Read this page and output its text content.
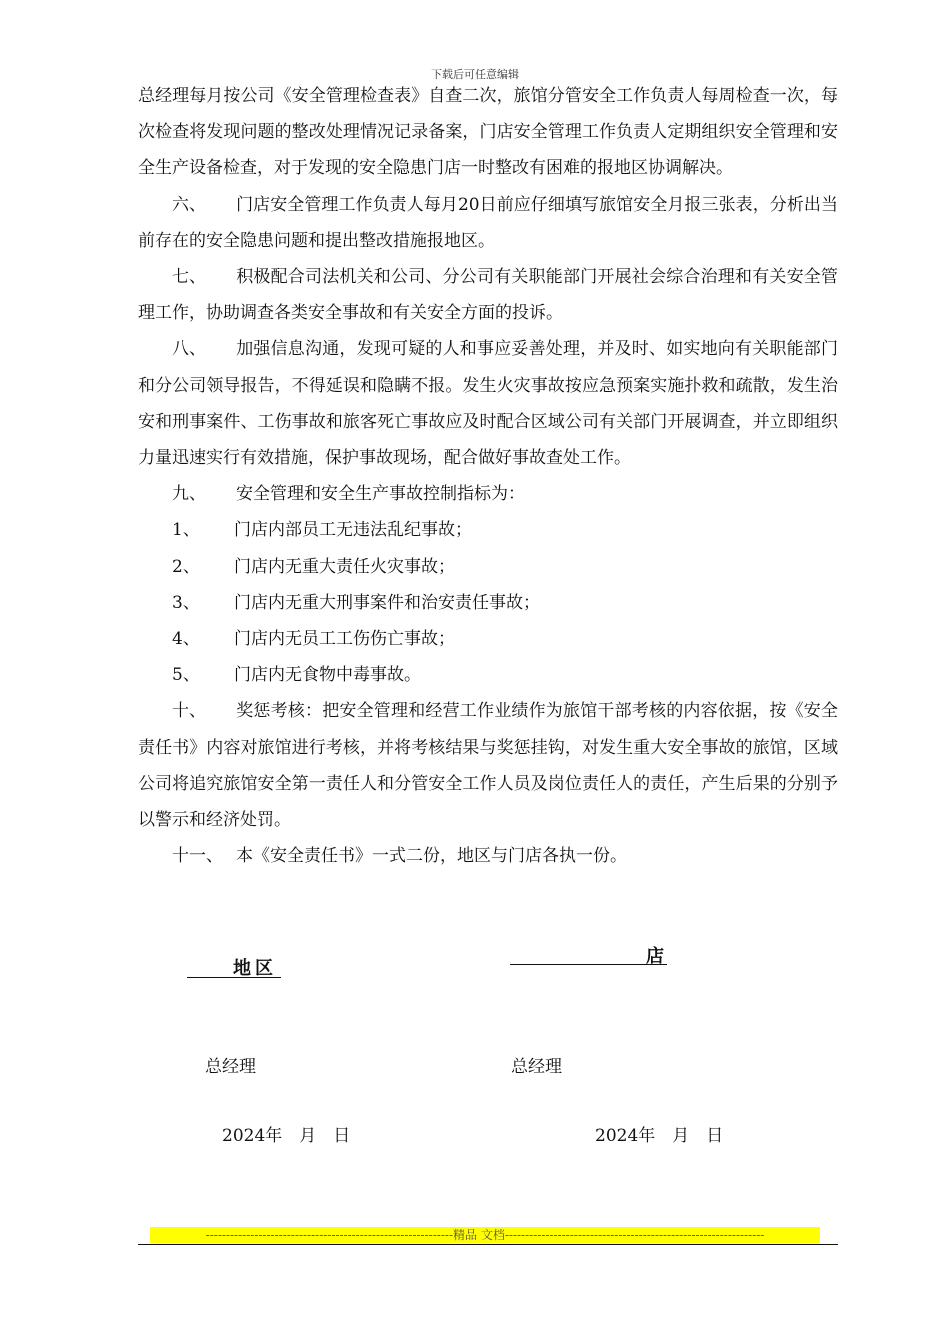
下载后可任意编辑

总经理每月按公司《安全管理检查表》自查二次，旅馆分管安全工作负责人每周检查一次，每次检查将发现问题的整改处理情况记录备案，门店安全管理工作负责人定期组织安全管理和安全生产设备检查，对于发现的安全隐患门店一时整改有困难的报地区协调解决。

六、 门店安全管理工作负责人每月20日前应仔细填写旅馆安全月报三张表，分析出当前存在的安全隐患问题和提出整改措施报地区。

七、 积极配合司法机关和公司、分公司有关职能部门开展社会综合治理和有关安全管理工作，协助调查各类安全事故和有关安全方面的投诉。

八、 加强信息沟通，发现可疑的人和事应妥善处理，并及时、如实地向有关职能部门和分公司领导报告，不得延误和隐瞒不报。发生火灾事故按应急预案实施扑救和疏散，发生治安和刑事案件、工伤事故和旅客死亡事故应及时配合区域公司有关部门开展调查，并立即组织力量迅速实行有效措施，保护事故现场，配合做好事故查处工作。

九、 安全管理和安全生产事故控制指标为：

1、 门店内部员工无违法乱纪事故；

2、 门店内无重大责任火灾事故；

3、 门店内无重大刑事案件和治安责任事故；

4、 门店内无员工工伤伤亡事故；

5、 门店内无食物中毒事故。

十、 奖惩考核：把安全管理和经营工作业绩作为旅馆干部考核的内容依据，按《安全责任书》内容对旅馆进行考核，并将考核结果与奖惩挂钩，对发生重大安全事故的旅馆，区域公司将追究旅馆安全第一责任人和分管安全工作人员及岗位责任人的责任，产生后果的分别予以警示和经济处罚。

十一、 本《安全责任书》一式二份，地区与门店各执一份。

地区
店
总经理	总经理
2024年　月　日	2024年　月　日
-------------------------------------------------------------精品 文档----------------------------------------------------------------
